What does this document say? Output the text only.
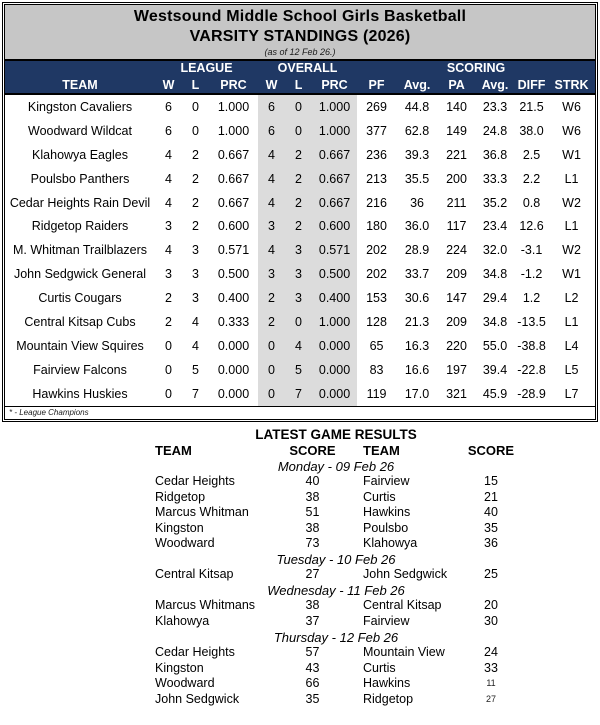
Westsound Middle School Girls Basketball
VARSITY STANDINGS (2026)
(as of 12 Feb 26.)
	LEAGUE			OVERALL			SCORING					
TEAM	W	L	PRC	W	L	PRC	PF	Avg.	PA	Avg.	DIFF	STRK
Kingston Cavaliers	6	0	1.000	6	0	1.000	269	44.8	140	23.3	21.5	W6
Woodward Wildcat	6	0	1.000	6	0	1.000	377	62.8	149	24.8	38.0	W6
Klahowya Eagles	4	2	0.667	4	2	0.667	236	39.3	221	36.8	2.5	W1
Poulsbo Panthers	4	2	0.667	4	2	0.667	213	35.5	200	33.3	2.2	L1
Cedar Heights Rain Devil	4	2	0.667	4	2	0.667	216	36	211	35.2	0.8	W2
Ridgetop Raiders	3	2	0.600	3	2	0.600	180	36.0	117	23.4	12.6	L1
M. Whitman Trailblazers	4	3	0.571	4	3	0.571	202	28.9	224	32.0	-3.1	W2
John Sedgwick General	3	3	0.500	3	3	0.500	202	33.7	209	34.8	-1.2	W1
Curtis Cougars	2	3	0.400	2	3	0.400	153	30.6	147	29.4	1.2	L2
Central Kitsap Cubs	2	4	0.333	2	0	1.000	128	21.3	209	34.8	-13.5	L1
Mountain View Squires	0	4	0.000	0	4	0.000	65	16.3	220	55.0	-38.8	L4
Fairview Falcons	0	5	0.000	0	5	0.000	83	16.6	197	39.4	-22.8	L5
Hawkins Huskies	0	7	0.000	0	7	0.000	119	17.0	321	45.9	-28.9	L7
* - League Champions
LATEST GAME RESULTS
TEAM	SCORE	TEAM	SCORE
Monday - 09 Feb 26
Cedar Heights	40	Fairview	15
Ridgetop	38	Curtis	21
Marcus Whitman	51	Hawkins	40
Kingston	38	Poulsbo	35
Woodward	73	Klahowya	36
Tuesday - 10 Feb 26
Central Kitsap	27	John Sedgwick	25
Wednesday - 11 Feb 26
Marcus Whitmans	38	Central Kitsap	20
Klahowya	37	Fairview	30
Thursday - 12 Feb 26
Cedar Heights	57	Mountain View	24
Kingston	43	Curtis	33
Woodward	66	Hawkins	11
John Sedgwick	35	Ridgetop	27
